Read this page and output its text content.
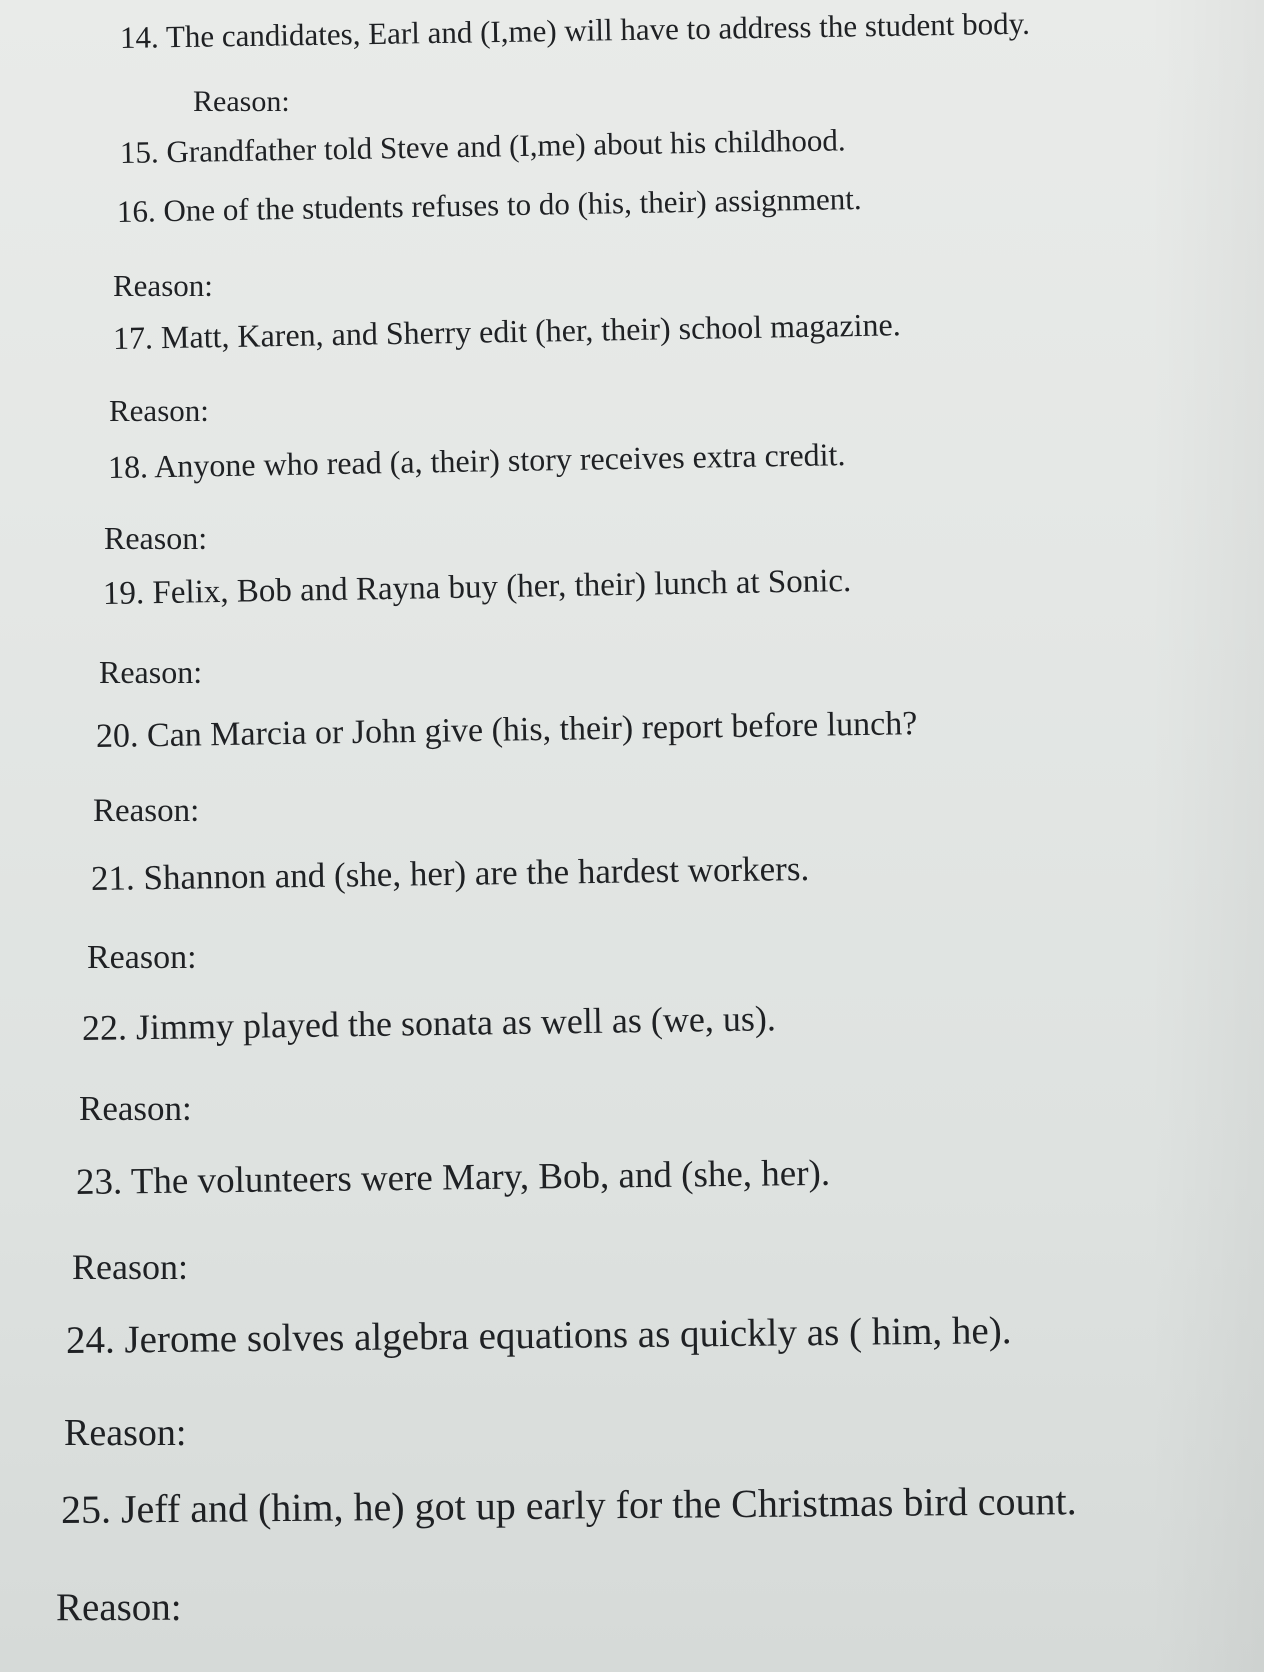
14. The candidates, Earl and (I,me) will have to address the student body.
Reason:
15. Grandfather told Steve and (I,me) about his childhood.
16. One of the students refuses to do (his, their) assignment.
Reason:
17. Matt, Karen, and Sherry edit (her, their) school magazine.
Reason:
18. Anyone who read (a, their) story receives extra credit.
Reason:
19. Felix, Bob and Rayna buy (her, their) lunch at Sonic.
Reason:
20. Can Marcia or John give (his, their) report before lunch?
Reason:
21. Shannon and (she, her) are the hardest workers.
Reason:
22. Jimmy played the sonata as well as (we, us).
Reason:
23. The volunteers were Mary, Bob, and (she, her).
Reason:
24. Jerome solves algebra equations as quickly as ( him, he).
Reason:
25. Jeff and (him, he) got up early for the Christmas bird count.
Reason:
